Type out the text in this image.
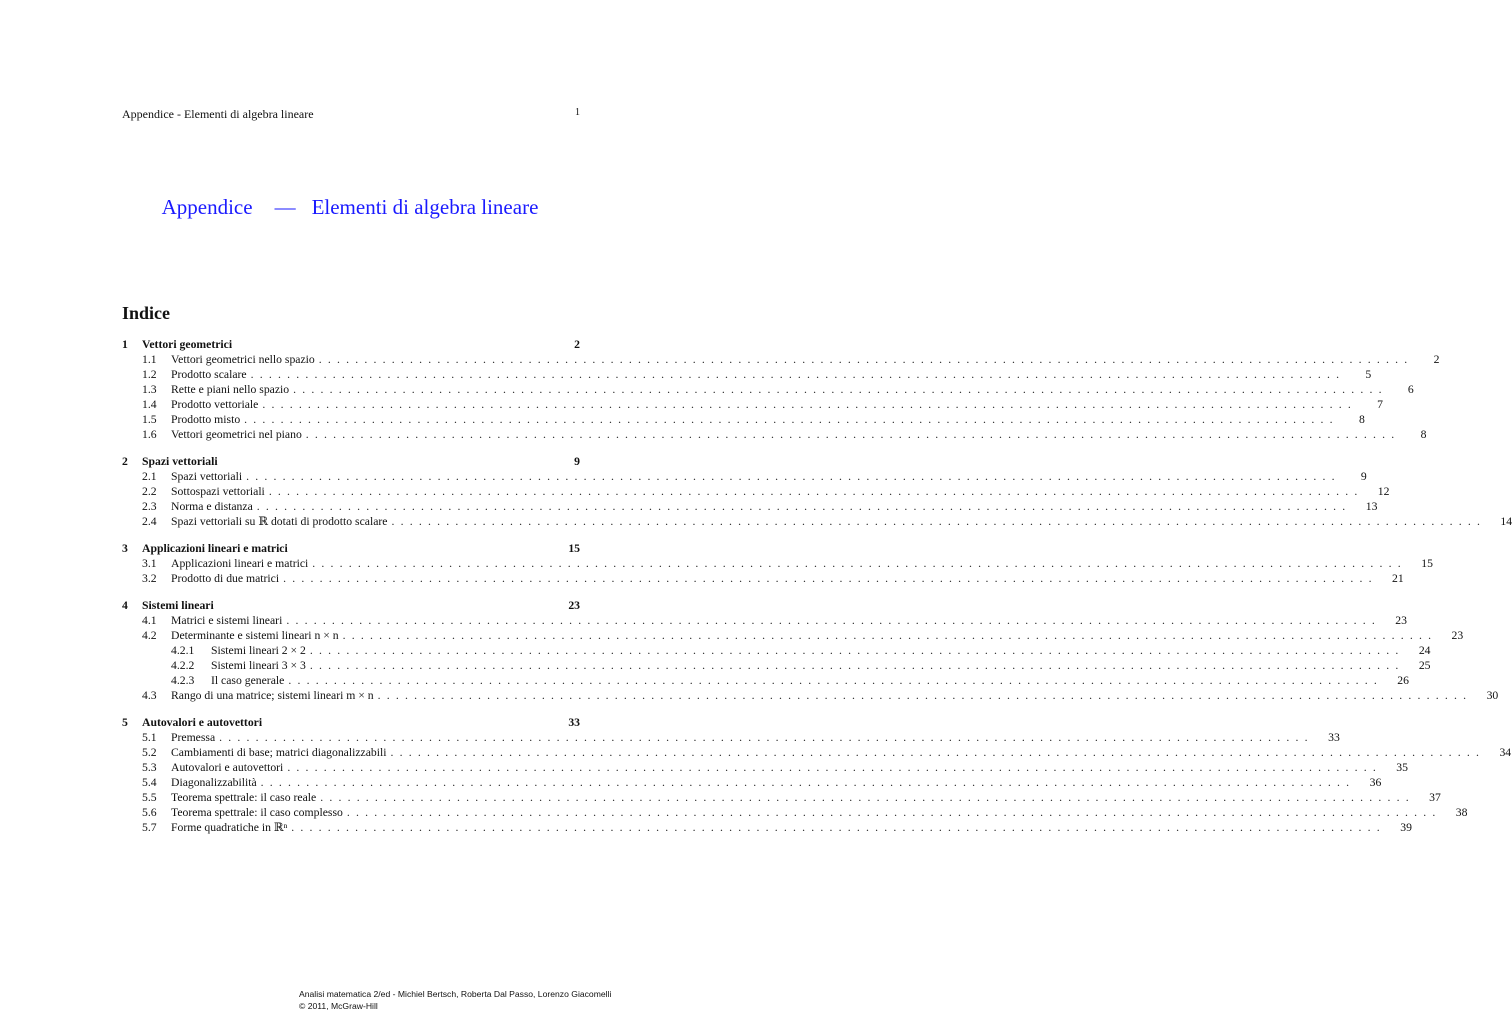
Appendice - Elementi di algebra lineare	1
Appendice — Elementi di algebra lineare
Indice
1	Vettori geometrici	2
1.1	Vettori geometrici nello spazio ........................................................................................................................	2
1.2	Prodotto scalare ........................................................................................................................	5
1.3	Rette e piani nello spazio ........................................................................................................................	6
1.4	Prodotto vettoriale ........................................................................................................................	7
1.5	Prodotto misto ........................................................................................................................	8
1.6	Vettori geometrici nel piano ........................................................................................................................	8
2	Spazi vettoriali	9
2.1	Spazi vettoriali ........................................................................................................................	9
2.2	Sottospazi vettoriali ........................................................................................................................	12
2.3	Norma e distanza ........................................................................................................................	13
2.4	Spazi vettoriali su ℝ dotati di prodotto scalare ........................................................................................................................	14
3	Applicazioni lineari e matrici	15
3.1	Applicazioni lineari e matrici ........................................................................................................................	15
3.2	Prodotto di due matrici ........................................................................................................................	21
4	Sistemi lineari	23
4.1	Matrici e sistemi lineari ........................................................................................................................	23
4.2	Determinante e sistemi lineari n × n ........................................................................................................................	23
4.2.1	Sistemi lineari 2 × 2 ........................................................................................................................	24
4.2.2	Sistemi lineari 3 × 3 ........................................................................................................................	25
4.2.3	Il caso generale ........................................................................................................................	26
4.3	Rango di una matrice; sistemi lineari m × n ........................................................................................................................	30
5	Autovalori e autovettori	33
5.1	Premessa ........................................................................................................................	33
5.2	Cambiamenti di base; matrici diagonalizzabili ........................................................................................................................	34
5.3	Autovalori e autovettori ........................................................................................................................	35
5.4	Diagonalizzabilità ........................................................................................................................	36
5.5	Teorema spettrale: il caso reale ........................................................................................................................	37
5.6	Teorema spettrale: il caso complesso ........................................................................................................................	38
5.7	Forme quadratiche in ℝⁿ ........................................................................................................................	39
Analisi matematica 2/ed - Michiel Bertsch, Roberta Dal Passo, Lorenzo Giacomelli
© 2011, McGraw-Hill
